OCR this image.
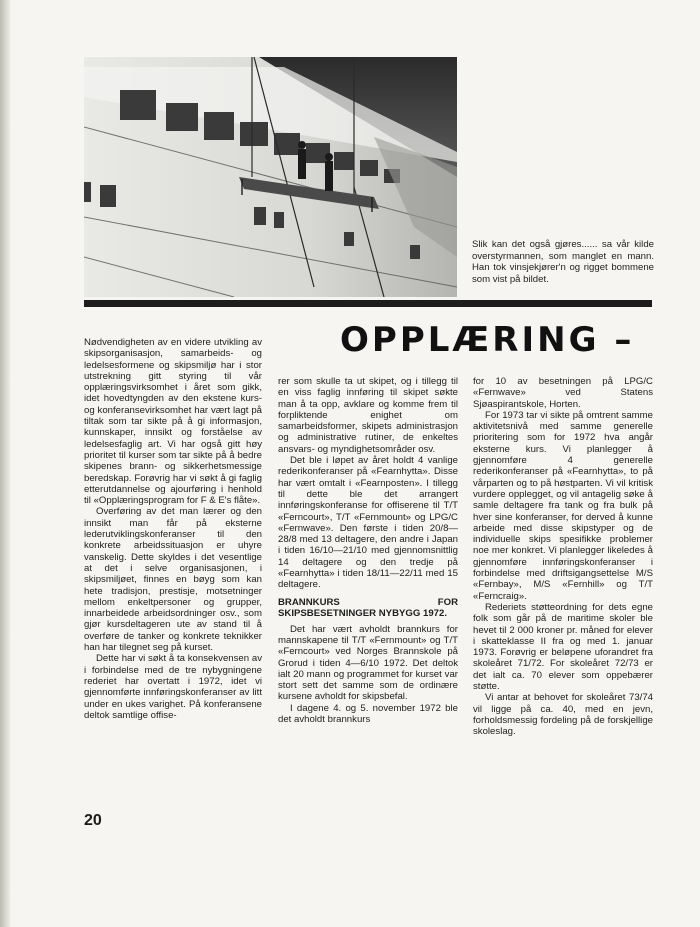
Slik kan det også gjøres...... sa vår kilde overstyrmannen, som manglet en mann. Han tok vinsjekjører'n og rigget bommene som vist på bildet.
OPPLÆRING –

Nødvendigheten av en videre utvikling av skipsorganisasjon, samarbeids- og ledelsesformene og skipsmiljø har i stor utstrekning gitt styring til vår opplæringsvirksomhet i året som gikk, idet hovedtyngden av den ekstene kurs- og konferansevirksomhet har vært lagt på tiltak som tar sikte på å gi informasjon, kunnskaper, innsikt og forståelse av ledelsesfaglig art. Vi har også gitt høy prioritet til kurser som tar sikte på å bedre skipenes brann- og sikkerhetsmessige beredskap. Forøvrig har vi søkt å gi faglig etterutdannelse og ajourføring i henhold til «Opplæringsprogram for F & E's flåte».

Overføring av det man lærer og den innsikt man får på eksterne lederutviklingskonferanser til den konkrete arbeidssituasjon er uhyre vanskelig. Dette skyldes i det vesentlige at det i selve organisasjonen, i skipsmiljøet, finnes en bøyg som kan hete tradisjon, prestisje, motsetninger mellom enkeltpersoner og grupper, innarbeidede arbeidsordninger osv., som gjør kursdeltageren ute av stand til å overføre de tanker og konkrete teknikker han har tilegnet seg på kurset.

Dette har vi søkt å ta konsekvensen av i forbindelse med de tre nybygningene rederiet har overtatt i 1972, idet vi gjennomførte innføringskonferanser av litt under en ukes varighet. På konferansene deltok samtlige offise-

rer som skulle ta ut skipet, og i tillegg til en viss faglig innføring til skipet søkte man å ta opp, avklare og komme frem til forpliktende enighet om samarbeidsformer, skipets administrasjon og administrative rutiner, de enkeltes ansvars- og myndighetsområder osv.

Det ble i løpet av året holdt 4 vanlige rederikonferanser på «Fearnhytta». Disse har vært omtalt i «Fearnposten». I tillegg til dette ble det arrangert innføringskonferanse for offiserene til T/T «Ferncourt», T/T «Fernmount» og LPG/C «Fernwave». Den første i tiden 20/8—28/8 med 13 deltagere, den andre i Japan i tiden 16/10—21/10 med gjennomsnittlig 14 deltagere og den tredje på «Fearnhytta» i tiden 18/11—22/11 med 15 deltagere.

BRANNKURS FOR SKIPSBESETNINGER NYBYGG 1972.

Det har vært avholdt brannkurs for mannskapene til T/T «Fernmount» og T/T «Ferncourt» ved Norges Brannskole på Grorud i tiden 4—6/10 1972. Det deltok ialt 20 mann og programmet for kurset var stort sett det samme som de ordinære kursene avholdt for skipsbefal.

I dagene 4. og 5. november 1972 ble det avholdt brannkurs

for 10 av besetningen på LPG/C «Fernwave» ved Statens Sjøaspirantskole, Horten.

For 1973 tar vi sikte på omtrent samme aktivitetsnivå med samme generelle prioritering som for 1972 hva angår eksterne kurs. Vi planlegger å gjennomføre 4 generelle rederikonferanser på «Fearnhytta», to på vårparten og to på høstparten. Vi vil kritisk vurdere opplegget, og vil antagelig søke å samle deltagere fra tank og fra bulk på hver sine konferanser, for derved å kunne arbeide med disse skipstyper og de individuelle skips spesifikke problemer noe mer konkret. Vi planlegger likeledes å gjennomføre innføringskonferanser i forbindelse med driftsigangsettelse M/S «Fernbay», M/S «Fernhill» og T/T «Ferncraig».

Rederiets støtteordning for dets egne folk som går på de maritime skoler ble hevet til 2 000 kroner pr. måned for elever i skatteklasse II fra og med 1. januar 1973. Forøvrig er beløpene uforandret fra skoleåret 71/72. For skoleåret 72/73 er det ialt ca. 70 elever som oppebærer støtte.

Vi antar at behovet for skoleåret 73/74 vil ligge på ca. 40, med en jevn, forholdsmessig fordeling på de forskjellige skoleslag.

20
